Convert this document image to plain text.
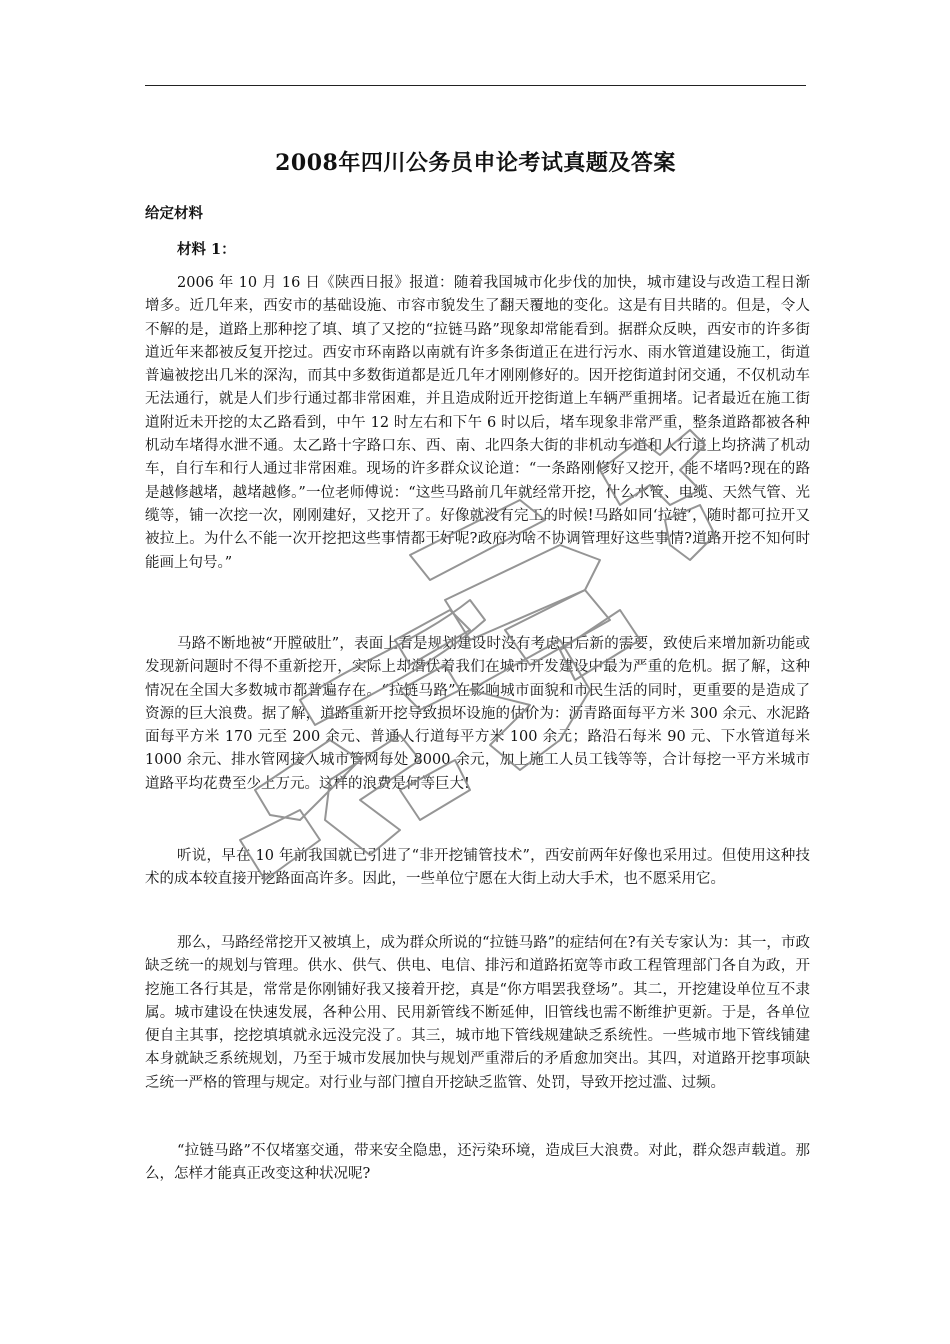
2008年四川公务员申论考试真题及答案
给定材料
材料 1：

2006 年 10 月 16 日《陕西日报》报道：随着我国城市化步伐的加快，城市建设与改造工程日渐增多。近几年来，西安市的基础设施、市容市貌发生了翻天覆地的变化。这是有目共睹的。但是，令人不解的是，道路上那种挖了填、填了又挖的“拉链马路”现象却常能看到。据群众反映，西安市的许多街道近年来都被反复开挖过。西安市环南路以南就有许多条街道正在进行污水、雨水管道建设施工，街道普遍被挖出几米的深沟，而其中多数街道都是近几年才刚刚修好的。因开挖街道封闭交通，不仅机动车无法通行，就是人们步行通过都非常困难，并且造成附近开挖街道上车辆严重拥堵。记者最近在施工街道附近未开挖的太乙路看到，中午 12 时左右和下午 6 时以后，堵车现象非常严重，整条道路都被各种机动车堵得水泄不通。太乙路十字路口东、西、南、北四条大街的非机动车道和人行道上均挤满了机动车，自行车和行人通过非常困难。现场的许多群众议论道：“一条路刚修好又挖开，能不堵吗?现在的路是越修越堵，越堵越修。”一位老师傅说：“这些马路前几年就经常开挖，什么水管、电缆、天然气管、光缆等，铺一次挖一次，刚刚建好，又挖开了。好像就没有完工的时候!马路如同‘拉链’，随时都可拉开又被拉上。为什么不能一次开挖把这些事情都干好呢?政府为啥不协调管理好这些事情?道路开挖不知何时能画上句号。”

马路不断地被“开膛破肚”，表面上看是规划建设时没有考虑日后新的需要，致使后来增加新功能或发现新问题时不得不重新挖开，实际上却潜伏着我们在城市开发建设中最为严重的危机。据了解，这种情况在全国大多数城市都普遍存在。“拉链马路”在影响城市面貌和市民生活的同时，更重要的是造成了资源的巨大浪费。据了解，道路重新开挖导致损坏设施的估价为：沥青路面每平方米 300 余元、水泥路面每平方米 170 元至 200 余元、普通人行道每平方米 100 余元；路沿石每米 90 元、下水管道每米 1000 余元、排水管网接入城市管网每处 8000 余元，加上施工人员工钱等等，合计每挖一平方米城市道路平均花费至少上万元。这样的浪费是何等巨大!

听说，早在 10 年前我国就已引进了“非开挖铺管技术”，西安前两年好像也采用过。但使用这种技术的成本较直接开挖路面高许多。因此，一些单位宁愿在大街上动大手术，也不愿采用它。

那么，马路经常挖开又被填上，成为群众所说的“拉链马路”的症结何在?有关专家认为：其一，市政缺乏统一的规划与管理。供水、供气、供电、电信、排污和道路拓宽等市政工程管理部门各自为政，开挖施工各行其是，常常是你刚铺好我又接着开挖，真是“你方唱罢我登场”。其二，开挖建设单位互不隶属。城市建设在快速发展，各种公用、民用新管线不断延伸，旧管线也需不断维护更新。于是，各单位便自主其事，挖挖填填就永远没完没了。其三，城市地下管线规建缺乏系统性。一些城市地下管线铺建本身就缺乏系统规划，乃至于城市发展加快与规划严重滞后的矛盾愈加突出。其四，对道路开挖事项缺乏统一严格的管理与规定。对行业与部门擅自开挖缺乏监管、处罚，导致开挖过滥、过频。

“拉链马路”不仅堵塞交通，带来安全隐患，还污染环境，造成巨大浪费。对此，群众怨声载道。那么，怎样才能真正改变这种状况呢?
